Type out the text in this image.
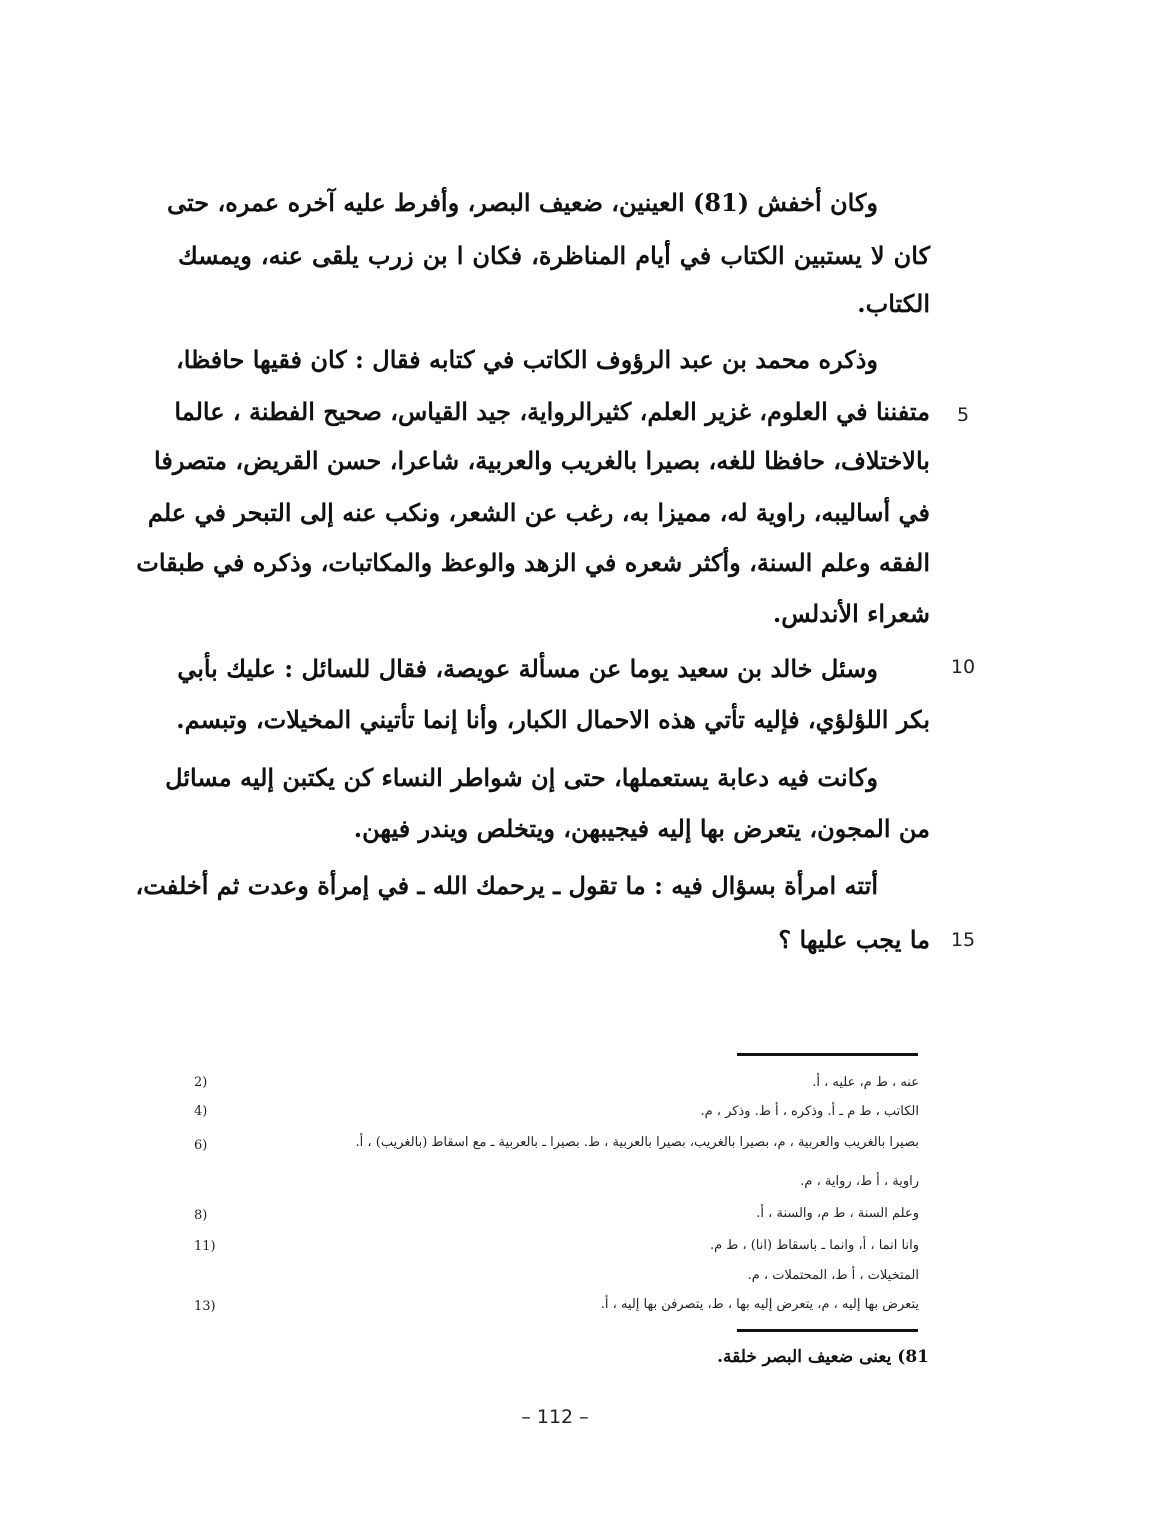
وكان أخفش (81) العينين، ضعيف البصر، وأفرط عليه آخره عمره، حتى
كان لا يستبين الكتاب في أيام المناظرة، فكان ا بن زرب يلقى عنه، ويمسك
الكتاب.
وذكره محمد بن عبد الرؤوف الكاتب في كتابه فقال : كان فقيها حافظا،
متفننا في العلوم، غزير العلم، كثيرالرواية، جيد القياس، صحيح الفطنة ، عالما
بالاختلاف، حافظا للغه، بصيرا بالغريب والعربية، شاعرا، حسن القريض، متصرفا
في أساليبه، راوية له، مميزا به، رغب عن الشعر، ونكب عنه إلى التبحر في علم
الفقه وعلم السنة، وأكثر شعره في الزهد والوعظ والمكاتبات، وذكره في طبقات
شعراء الأندلس.
وسئل خالد بن سعيد يوما عن مسألة عويصة، فقال للسائل : عليك بأبي
بكر اللؤلؤي، فإليه تأتي هذه الاحمال الكبار، وأنا إنما تأتيني المخيلات، وتبسم.
وكانت فيه دعابة يستعملها، حتى إن شواطر النساء كن يكتبن إليه مسائل
من المجون، يتعرض بها إليه فيجيبهن، ويتخلص ويندر فيهن.
أتته امرأة بسؤال فيه : ما تقول ـ يرحمك الله ـ في إمرأة وعدت ثم أخلفت،
ما يجب عليها ؟
5
10
15
عنه ، ط م، عليه ، أ.
2)
الكاتب ، ط م ـ أ. وذكره ، أ ط. وذكر ، م.
4)
بصيرا بالغريب والعربية ، م، بصيرا بالغريب، بصيرا بالعربية ، ط. بصيرا ـ بالعربية ـ مع اسقاط (بالغريب) ، أ.
6)
راوية ، أ ط، رواية ، م.
وعلم السنة ، ط م، والسنة ، أ.
8)
وانا انما ، أ، وانما ـ باسقاط (انا) ، ط م.
11)
المتخيلات ، أ ط، المحتملات ، م.
يتعرض بها إليه ، م، يتعرض إليه بها ، ط، يتصرفن بها إليه ، أ.
13)
81) يعنى ضعيف البصر خلقة.
– 112 –
